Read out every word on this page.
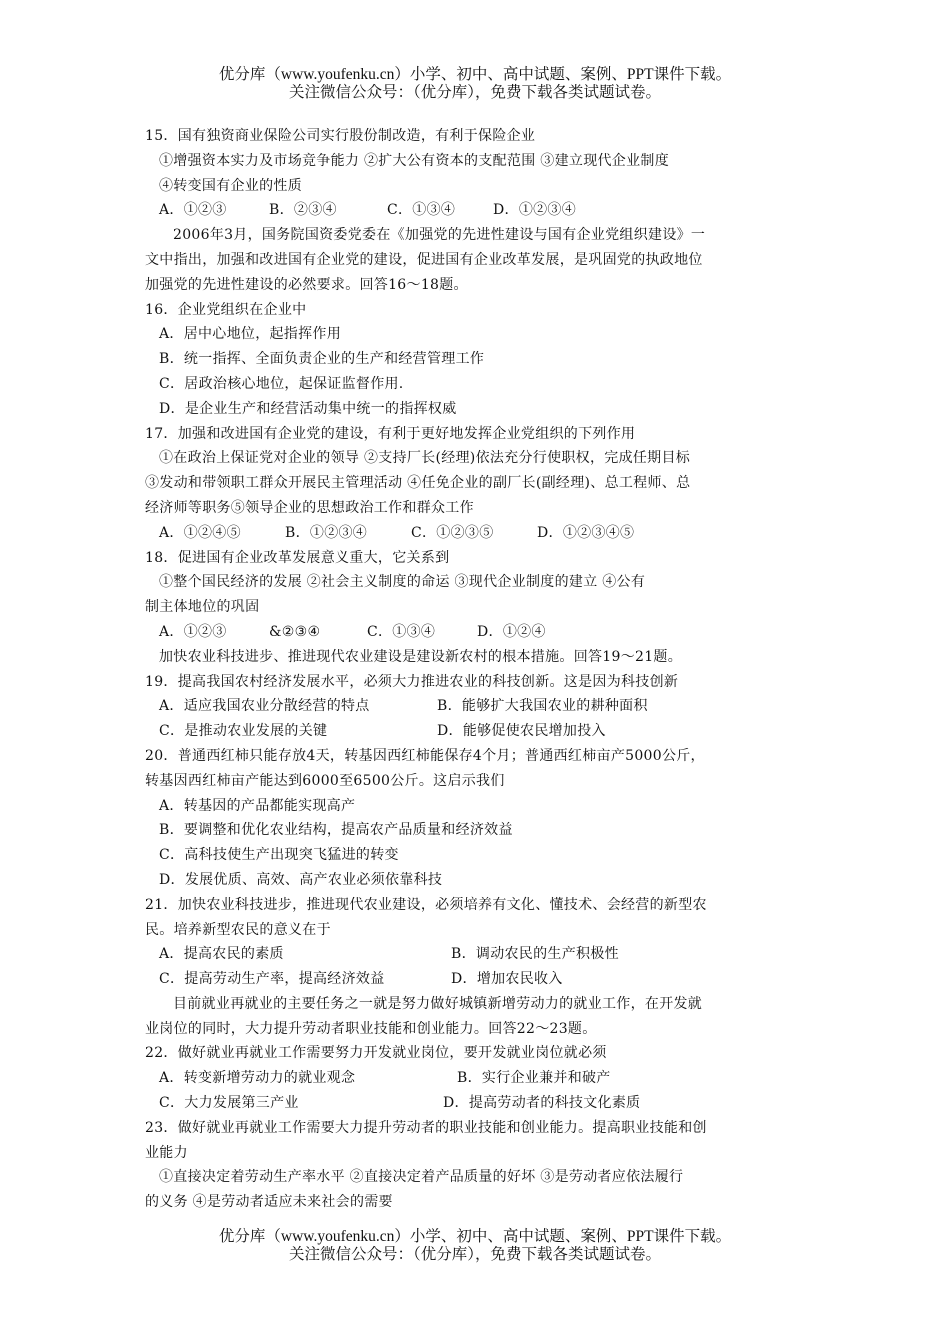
优分库（www.youfenku.cn）小学、初中、高中试题、案例、PPT课件下载。
关注微信公众号：（优分库），免费下载各类试题试卷。
15．国有独资商业保险公司实行股份制改造，有利于保险企业
①增强资本实力及市场竞争能力 ②扩大公有资本的支配范围 ③建立现代企业制度
④转变国有企业的性质
A．①②③	B．②③④	C．①③④	D．①②③④
2006年3月，国务院国资委党委在《加强党的先进性建设与国有企业党组织建设》一
文中指出，加强和改进国有企业党的建设，促进国有企业改革发展，是巩固党的执政地位
加强党的先进性建设的必然要求。回答16～18题。
16．企业党组织在企业中
A．居中心地位，起指挥作用
B．统一指挥、全面负责企业的生产和经营管理工作
C．居政治核心地位，起保证监督作用.
D．是企业生产和经营活动集中统一的指挥权威
17．加强和改进国有企业党的建设，有利于更好地发挥企业党组织的下列作用
①在政治上保证党对企业的领导 ②支持厂长(经理)依法充分行使职权，完成任期目标
③发动和带领职工群众开展民主管理活动 ④任免企业的副厂长(副经理)、总工程师、总
经济师等职务⑤领导企业的思想政治工作和群众工作
A．①②④⑤	B．①②③④	C．①②③⑤	D．①②③④⑤
18．促进国有企业改革发展意义重大，它关系到
①整个国民经济的发展 ②社会主义制度的命运 ③现代企业制度的建立 ④公有
制主体地位的巩固
A．①②③	&②③④	C．①③④	D．①②④
加快农业科技进步、推进现代农业建设是建设新农村的根本措施。回答19～21题。
19．提高我国农村经济发展水平，必须大力推进农业的科技创新。这是因为科技创新
A．适应我国农业分散经营的特点	B．能够扩大我国农业的耕种面积
C．是推动农业发展的关键	D．能够促使农民增加投入
20．普通西红柿只能存放4天，转基因西红柿能保存4个月；普通西红柿亩产5000公斤，
转基因西红柿亩产能达到6000至6500公斤。这启示我们
A．转基因的产品都能实现高产
B．要调整和优化农业结构，提高农产品质量和经济效益
C．高科技使生产出现突飞猛进的转变
D．发展优质、高效、高产农业必须依靠科技
21．加快农业科技进步，推进现代农业建设，必须培养有文化、懂技术、会经营的新型农
民。培养新型农民的意义在于
A．提高农民的素质	B．调动农民的生产积极性
C．提高劳动生产率，提高经济效益	D．增加农民收入
目前就业再就业的主要任务之一就是努力做好城镇新增劳动力的就业工作，在开发就
业岗位的同时，大力提升劳动者职业技能和创业能力。回答22～23题。
22．做好就业再就业工作需要努力开发就业岗位，要开发就业岗位就必须
A．转变新增劳动力的就业观念	B．实行企业兼并和破产
C．大力发展第三产业	D．提高劳动者的科技文化素质
23．做好就业再就业工作需要大力提升劳动者的职业技能和创业能力。提高职业技能和创
业能力
①直接决定着劳动生产率水平 ②直接决定着产品质量的好坏 ③是劳动者应依法履行
的义务 ④是劳动者适应未来社会的需要
优分库（www.youfenku.cn）小学、初中、高中试题、案例、PPT课件下载。
关注微信公众号：（优分库），免费下载各类试题试卷。
